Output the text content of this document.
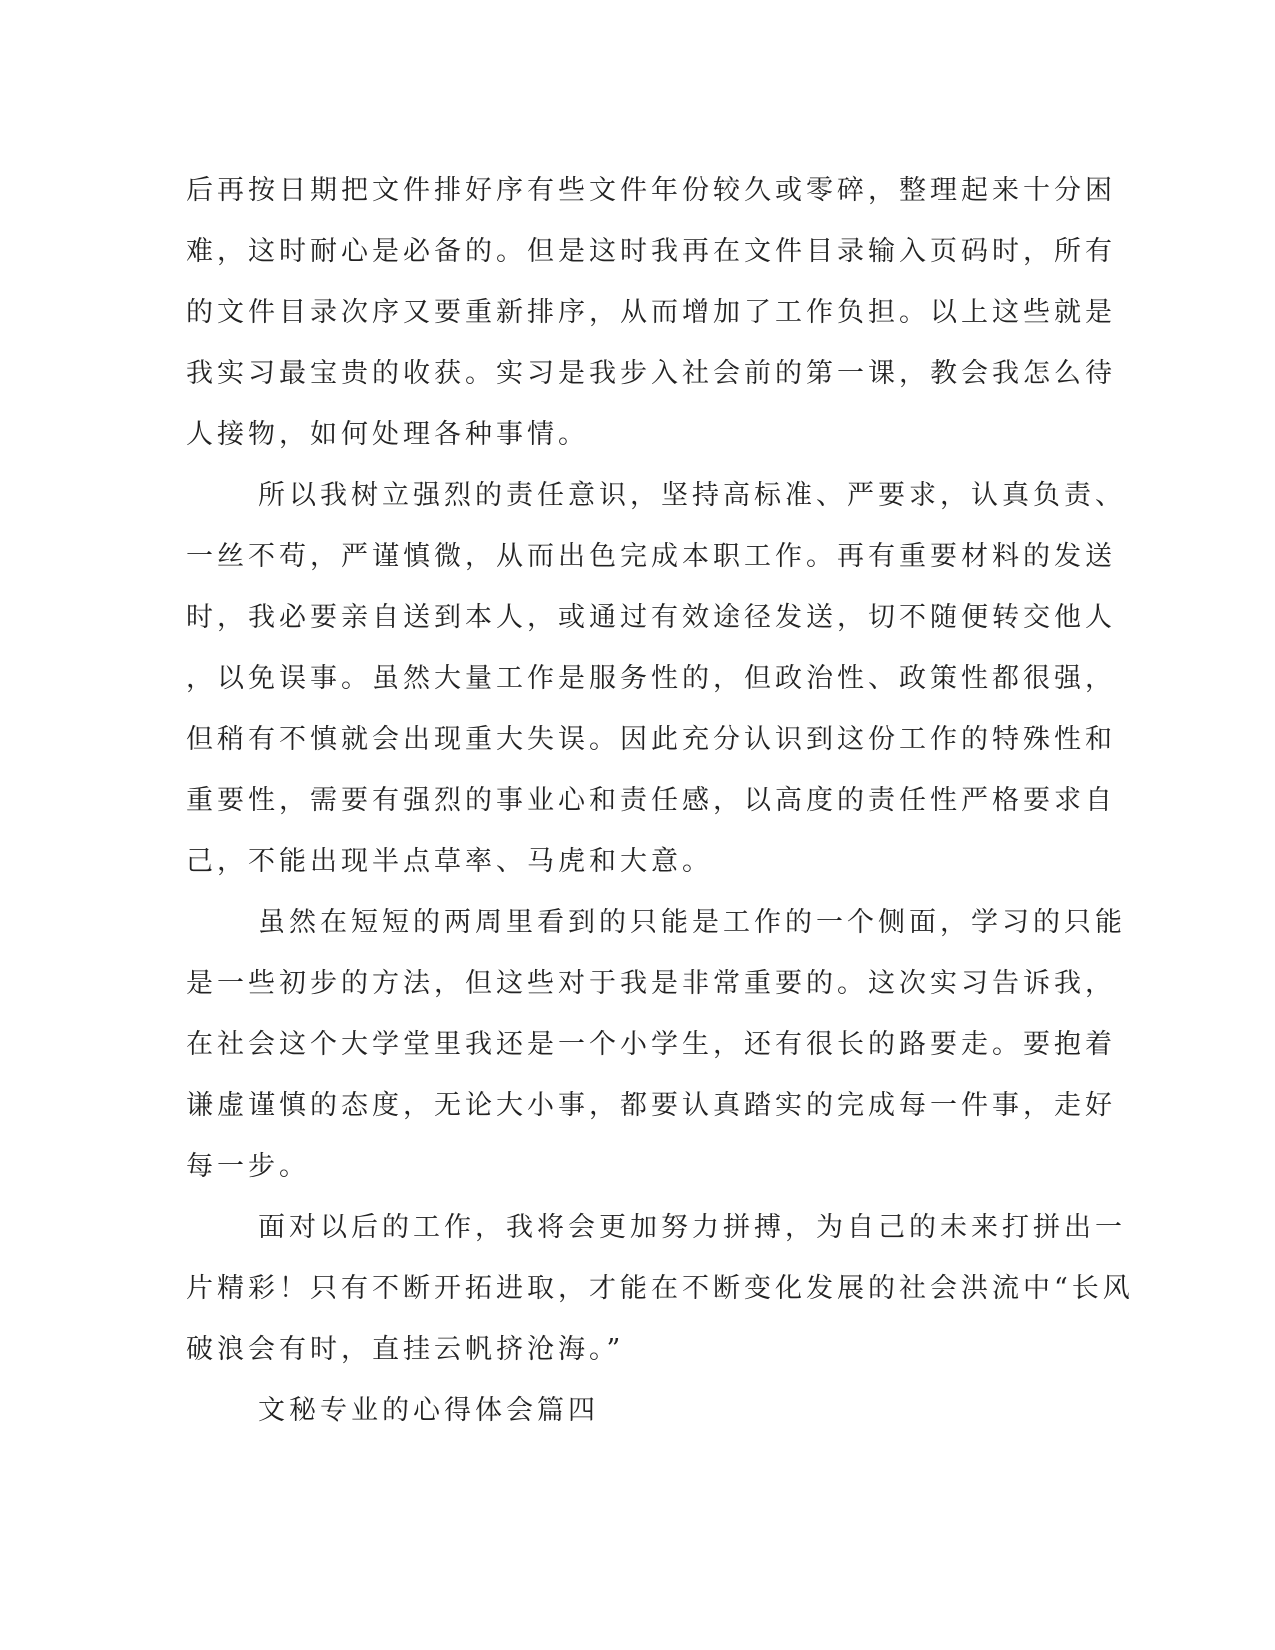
后再按日期把文件排好序有些文件年份较久或零碎，整理起来十分困
难，这时耐心是必备的。但是这时我再在文件目录输入页码时，所有
的文件目录次序又要重新排序，从而增加了工作负担。以上这些就是
我实习最宝贵的收获。实习是我步入社会前的第一课，教会我怎么待
人接物，如何处理各种事情。
所以我树立强烈的责任意识，坚持高标准、严要求，认真负责、
一丝不苟，严谨慎微，从而出色完成本职工作。再有重要材料的发送
时，我必要亲自送到本人，或通过有效途径发送，切不随便转交他人
，以免误事。虽然大量工作是服务性的，但政治性、政策性都很强，
但稍有不慎就会出现重大失误。因此充分认识到这份工作的特殊性和
重要性，需要有强烈的事业心和责任感，以高度的责任性严格要求自
己，不能出现半点草率、马虎和大意。
虽然在短短的两周里看到的只能是工作的一个侧面，学习的只能
是一些初步的方法，但这些对于我是非常重要的。这次实习告诉我，
在社会这个大学堂里我还是一个小学生，还有很长的路要走。要抱着
谦虚谨慎的态度，无论大小事，都要认真踏实的完成每一件事，走好
每一步。
面对以后的工作，我将会更加努力拼搏，为自己的未来打拼出一
片精彩！只有不断开拓进取，才能在不断变化发展的社会洪流中“长风
破浪会有时，直挂云帆挤沧海。”
文秘专业的心得体会篇四
